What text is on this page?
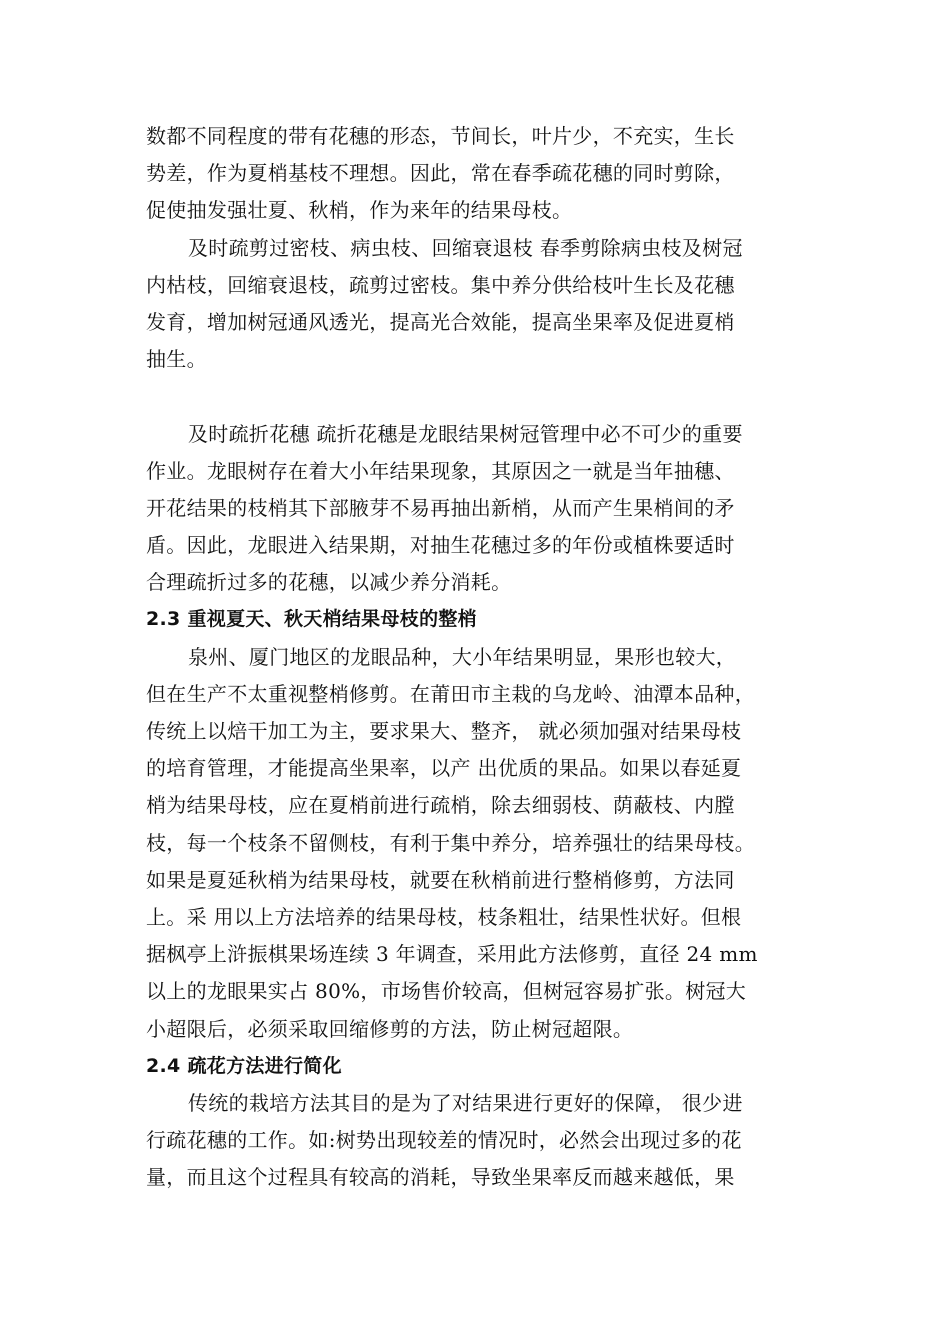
数都不同程度的带有花穗的形态，节间长，叶片少，不充实，生长
势差，作为夏梢基枝不理想。因此，常在春季疏花穗的同时剪除，
促使抽发强壮夏、秋梢，作为来年的结果母枝。
及时疏剪过密枝、病虫枝、回缩衰退枝 春季剪除病虫枝及树冠
内枯枝，回缩衰退枝，疏剪过密枝。集中养分供给枝叶生长及花穗
发育，增加树冠通风透光，提高光合效能，提高坐果率及促进夏梢
抽生。
及时疏折花穗 疏折花穗是龙眼结果树冠管理中必不可少的重要
作业。龙眼树存在着大小年结果现象，其原因之一就是当年抽穗、
开花结果的枝梢其下部腋芽不易再抽出新梢，从而产生果梢间的矛
盾。因此，龙眼进入结果期，对抽生花穗过多的年份或植株要适时
合理疏折过多的花穗，以减少养分消耗。
2.3 重视夏天、秋天梢结果母枝的整梢
泉州、厦门地区的龙眼品种，大小年结果明显，果形也较大，
但在生产不太重视整梢修剪。在莆田市主栽的乌龙岭、油潭本品种，
传统上以焙干加工为主，要求果大、整齐， 就必须加强对结果母枝
的培育管理，才能提高坐果率，以产 出优质的果品。如果以春延夏
梢为结果母枝，应在夏梢前进行疏梢，除去细弱枝、荫蔽枝、内膛
枝，每一个枝条不留侧枝，有利于集中养分，培养强壮的结果母枝。
如果是夏延秋梢为结果母枝，就要在秋梢前进行整梢修剪，方法同
上。采 用以上方法培养的结果母枝，枝条粗壮，结果性状好。但根
据枫亭上浒振棋果场连续 3 年调查，采用此方法修剪，直径 24 mm
以上的龙眼果实占 80%，市场售价较高，但树冠容易扩张。树冠大
小超限后，必须采取回缩修剪的方法，防止树冠超限。
2.4 疏花方法进行简化
传统的栽培方法其目的是为了对结果进行更好的保障， 很少进
行疏花穗的工作。如:树势出现较差的情况时，必然会出现过多的花
量，而且这个过程具有较高的消耗，导致坐果率反而越来越低，果
